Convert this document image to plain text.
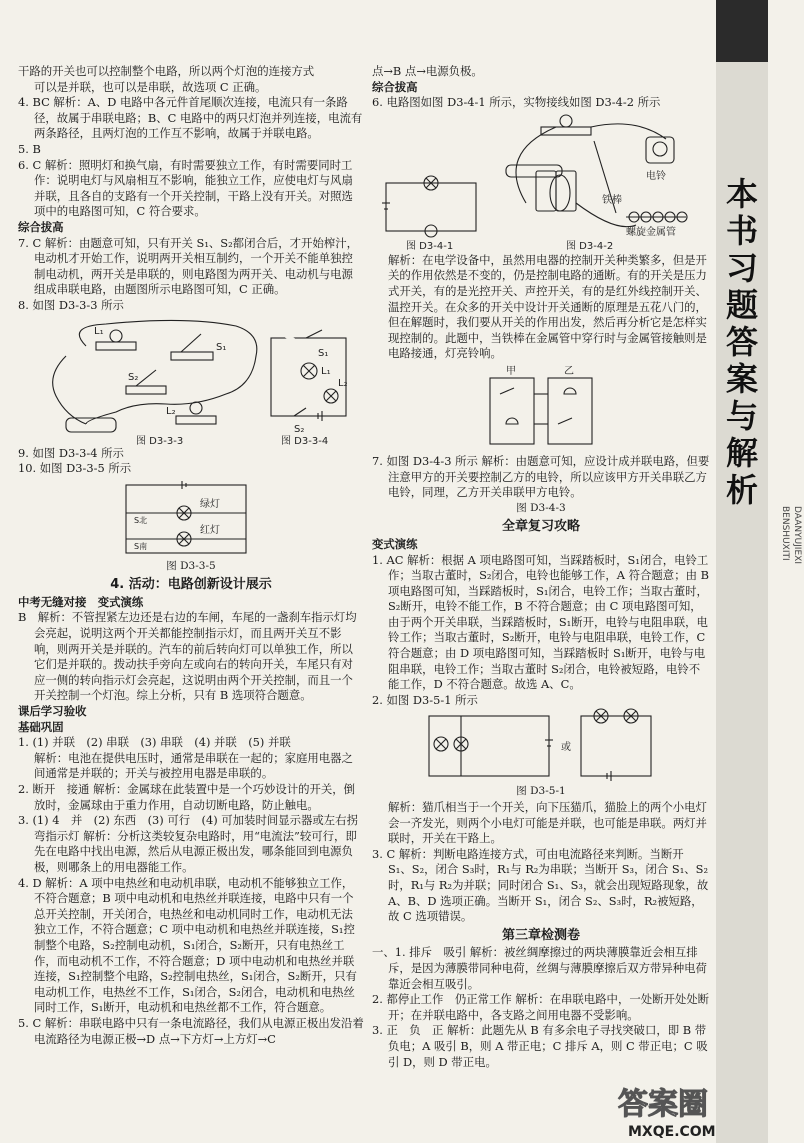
干路的开关也可以控制整个电路，所以两个灯泡的连接方式

可以是并联，也可以是串联，故选项 C 正确。

4. BC 解析：A、D 电路中各元件首尾顺次连接，电流只有一条路径，故属于串联电路；B、C 电路中的两只灯泡并列连接，电流有两条路径，且两灯泡的工作互不影响，故属于并联电路。

5. B

6. C 解析：照明灯和换气扇，有时需要独立工作，有时需要同时工作：说明电灯与风扇相互不影响，能独立工作，应使电灯与风扇并联，且各自的支路有一个开关控制，干路上没有开关。对照选项中的电路图可知，C 符合要求。

综合拔高

7. C 解析：由题意可知，只有开关 S₁、S₂都闭合后，才开始榨汁，电动机才开始工作，说明两开关相互制约，一个开关不能单独控制电动机，两开关是串联的，则电路图为两开关、电动机与电源组成串联电路，由题图所示电路图可知，C 正确。

8. 如图 D3-3-3 所示

L₁
S₁
S₂
L₂
S₁
L₁
L₂
S₂
图 D3-3-3	图 D3-3-4

9. 如图 D3-3-4 所示

10. 如图 D3-3-5 所示

绿灯
红灯
S北
S南

图 D3-3-5

4. 活动：电路创新设计展示

中考无缝对接　变式演练

B　解析：不管捏紧左边还是右边的车闸，车尾的一盏刹车指示灯均会亮起，说明这两个开关都能控制指示灯，而且两开关互不影响，则两开关是并联的。汽车的前后转向灯可以单独工作，所以它们是并联的。拨动扶手旁向左或向右的转向开关，车尾只有对应一侧的转向指示灯会亮起，这说明由两个开关控制，而且一个开关控制一个灯泡。综上分析，只有 B 选项符合题意。

课后学习验收

基础巩固

1. (1) 并联　(2) 串联　(3) 串联　(4) 并联　(5) 并联

解析：电池在提供电压时，通常是串联在一起的；家庭用电器之间通常是并联的；开关与被控用电器是串联的。

2. 断开　接通 解析：金属球在此装置中是一个巧妙设计的开关，倒放时，金属球由于重力作用，自动切断电路，防止触电。

3. (1) 4　并　(2) 东西　(3) 可行　(4) 可加装时间显示器或左右拐弯指示灯 解析：分析这类较复杂电路时，用“电流法”较可行，即先在电路中找出电源，然后从电源正极出发，哪条能回到电源负极，则哪条上的用电器能工作。

4. D 解析：A 项中电热丝和电动机串联，电动机不能够独立工作，不符合题意；B 项中电动机和电热丝并联连接，电路中只有一个总开关控制，开关闭合，电热丝和电动机同时工作，电动机无法独立工作，不符合题意；C 项中电动机和电热丝并联连接，S₁控制整个电路，S₂控制电动机，S₁闭合，S₂断开，只有电热丝工作，而电动机不工作，不符合题意；D 项中电动机和电热丝并联连接，S₁控制整个电路，S₂控制电热丝，S₁闭合，S₂断开，只有电动机工作，电热丝不工作，S₁闭合，S₂闭合，电动机和电热丝同时工作，S₁断开，电动机和电热丝都不工作，符合题意。

5. C 解析：串联电路中只有一条电流路径，我们从电源正极出发沿着电流路径为电源正极→D 点→下方灯→上方灯→C

点→B 点→电源负极。

综合拔高

6. 电路图如图 D3-4-1 所示，实物接线如图 D3-4-2 所示

铁棒
电铃
螺旋金属管
图 D3-4-1	图 D3-4-2

解析：在电学设备中，虽然用电器的控制开关种类繁多，但是开关的作用依然是不变的，仍是控制电路的通断。有的开关是压力式开关，有的是光控开关、声控开关，有的是红外线控制开关、温控开关。在众多的开关中设计开关通断的原理是五花八门的，但在解题时，我们要从开关的作用出发，然后再分析它是怎样实现控制的。此题中，当铁棒在金属管中穿行时与金属管接触则是电路接通，灯亮铃响。

甲	乙

7. 如图 D3-4-3 所示 解析：由题意可知，应设计成并联电路，但要注意甲方的开关要控制乙方的电铃，所以应该甲方开关串联乙方电铃，同理，乙方开关串联甲方电铃。

图 D3-4-3

全章复习攻略

变式演练

1. AC 解析：根据 A 项电路图可知，当踩踏板时，S₁闭合，电铃工作；当取古董时，S₂闭合，电铃也能够工作，A 符合题意；由 B 项电路图可知，当踩踏板时，S₁闭合，电铃工作；当取古董时，S₂断开，电铃不能工作，B 不符合题意；由 C 项电路图可知，由于两个开关串联，当踩踏板时，S₁断开，电铃与电阻串联，电铃工作；当取古董时，S₂断开，电铃与电阻串联，电铃工作，C 符合题意；由 D 项电路图可知，当踩踏板时 S₁断开，电铃与电阻串联，电铃工作；当取古董时 S₂闭合，电铃被短路，电铃不能工作，D 不符合题意。故选 A、C。

2. 如图 D3-5-1 所示

或

图 D3-5-1

解析：猫爪相当于一个开关，向下压猫爪，猫脸上的两个小电灯会一齐发光，则两个小电灯可能是并联，也可能是串联。两灯并联时，开关在干路上。

3. C 解析：判断电路连接方式，可由电流路径来判断。当断开 S₁、S₂，闭合 S₃时，R₁与 R₂为串联；当断开 S₃，闭合 S₁、S₂时，R₁与 R₂为并联；同时闭合 S₁、S₃，就会出现短路现象，故 A、B、D 选项正确。当断开 S₁，闭合 S₂、S₃时，R₂被短路，故 C 选项错误。

第三章检测卷

一、1. 排斥　吸引 解析：被丝绸摩擦过的两块薄膜靠近会相互排斥，是因为薄膜带同种电荷，丝绸与薄膜摩擦后双方带异种电荷靠近会相互吸引。

2. 都停止工作　仍正常工作 解析：在串联电路中，一处断开处处断开；在并联电路中，各支路之间用电器不受影响。

3. 正　负　正 解析：此题先从 B 有多余电子寻找突破口，即 B 带负电；A 吸引 B，则 A 带正电；C 排斥 A，则 C 带正电；C 吸引 D，则 D 带正电。

本书习题答案与解析
BENSHUXITI DAANYUJIEXI
答案圈
MXQE.COM
